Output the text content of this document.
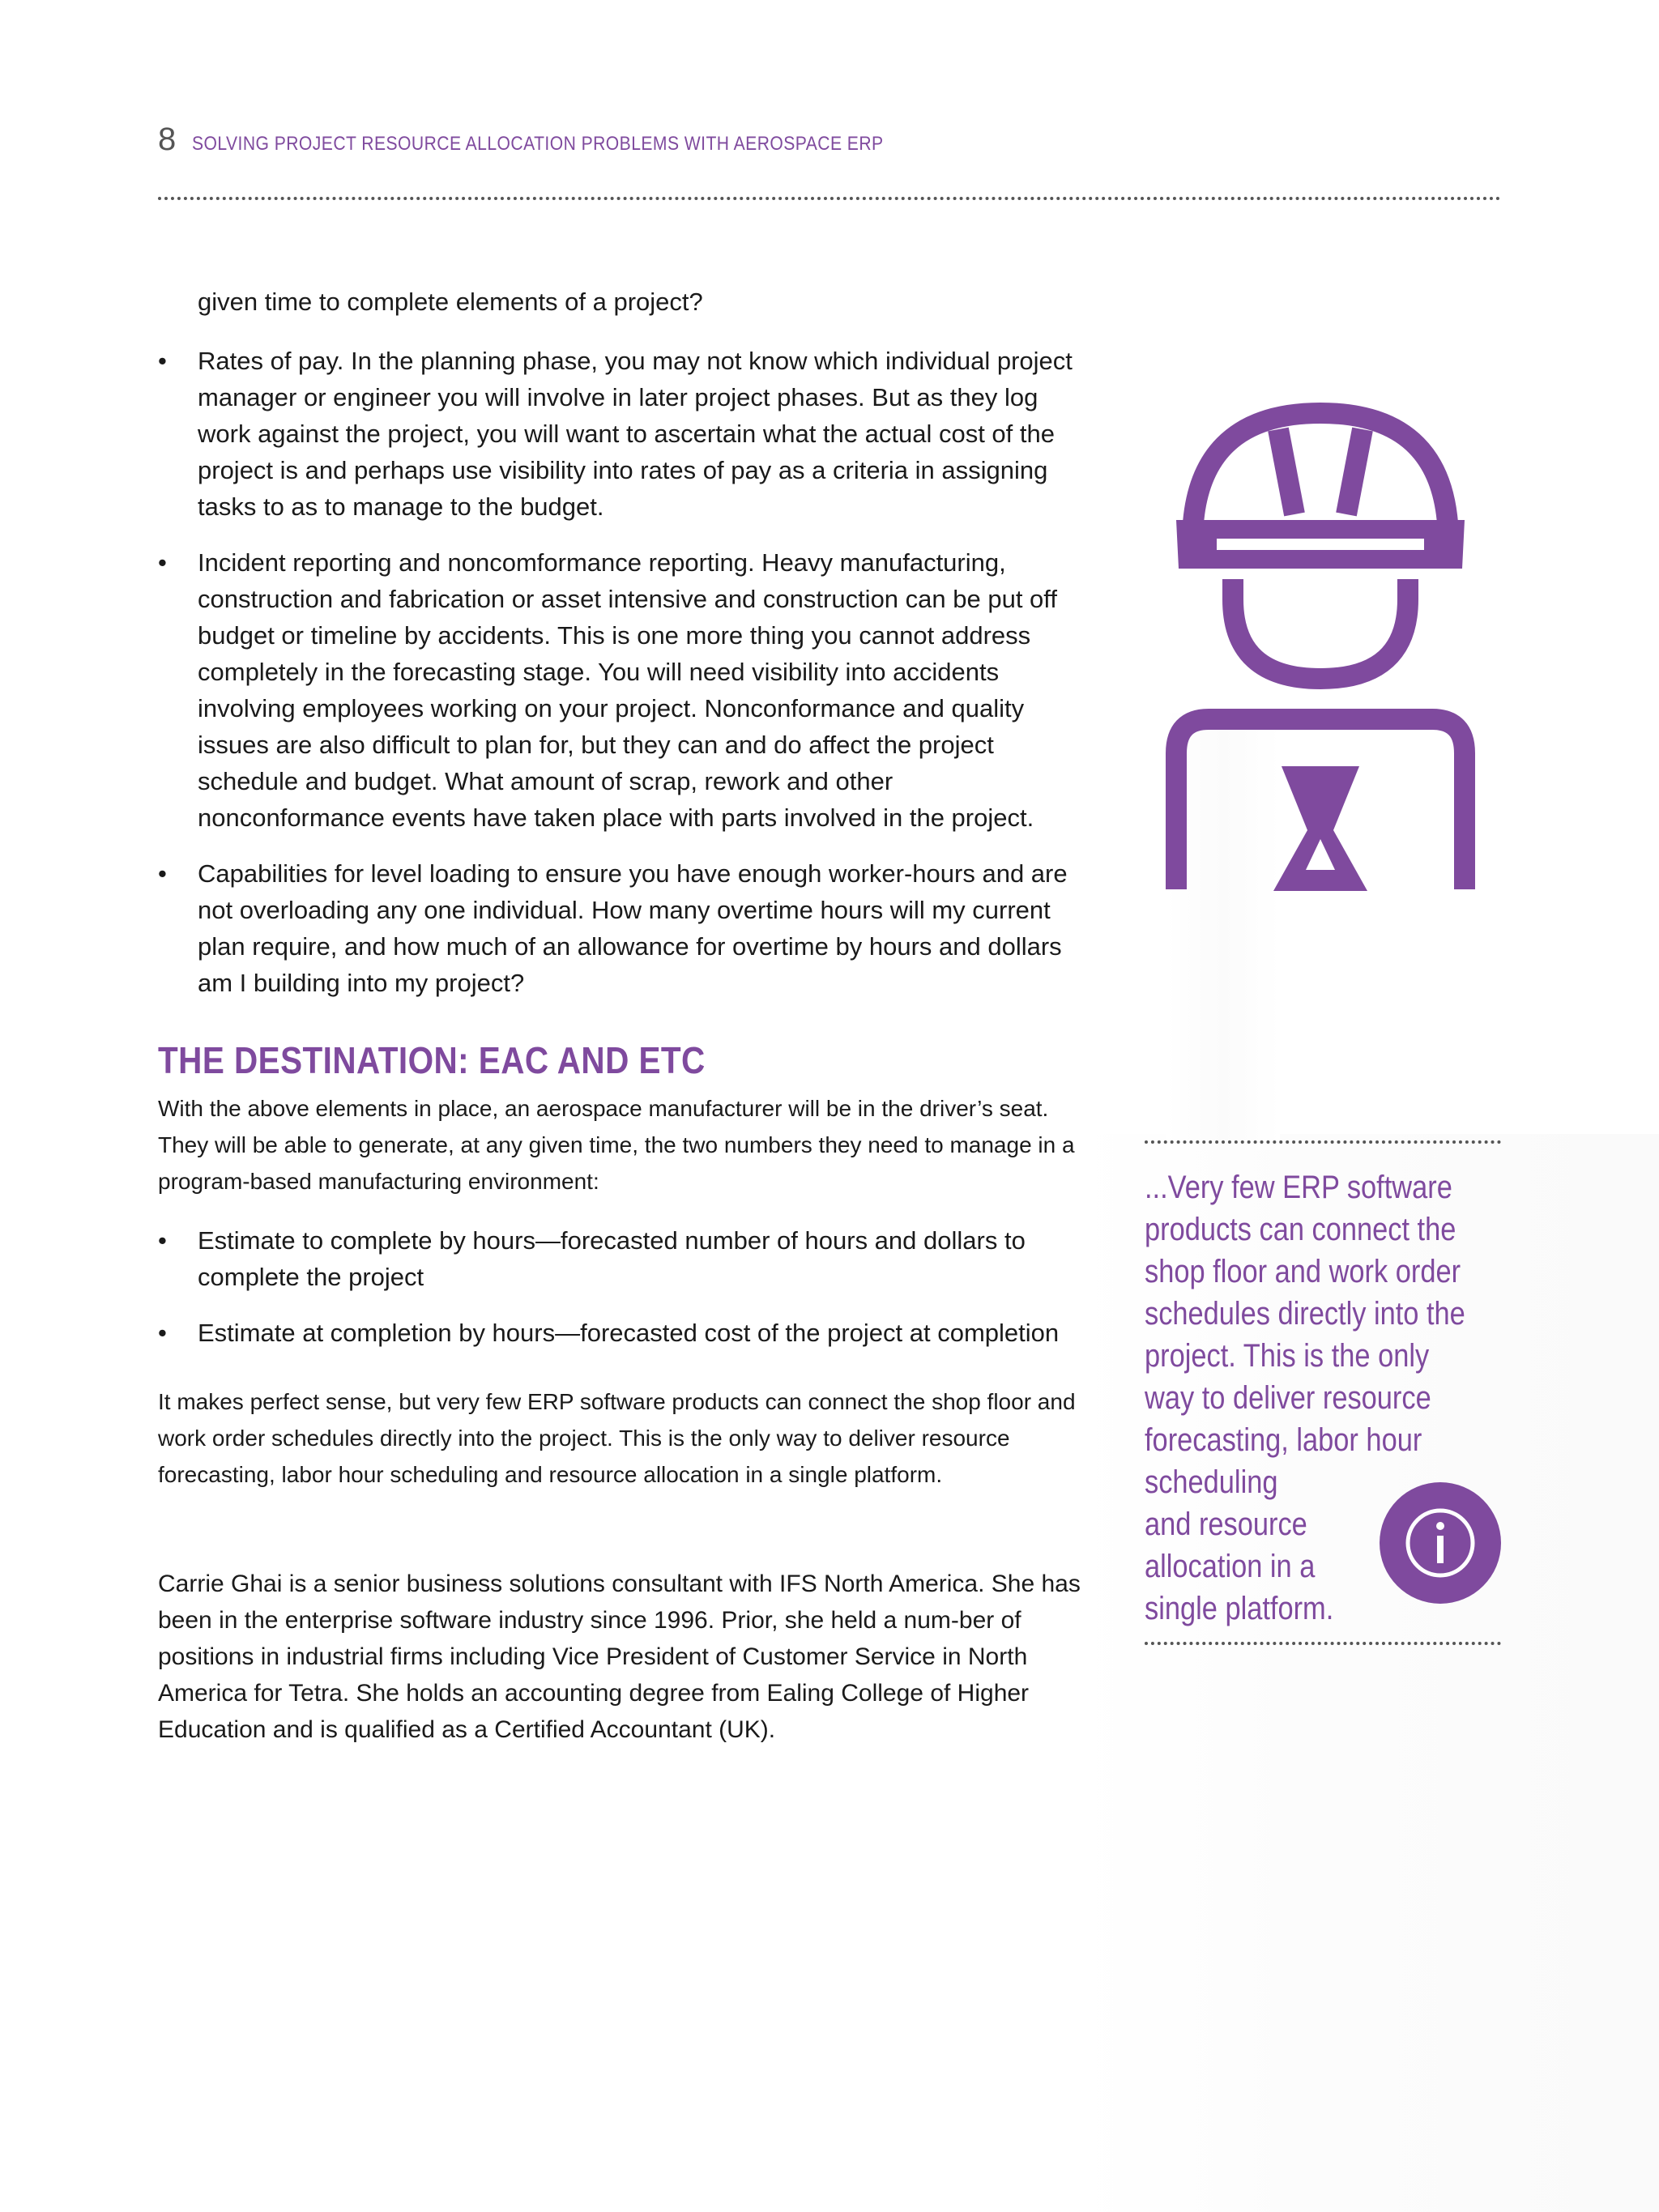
8 SOLVING PROJECT RESOURCE ALLOCATION PROBLEMS WITH AEROSPACE ERP

given time to complete elements of a project?

• Rates of pay. In the planning phase, you may not know which individual project manager or engineer you will involve in later project phases. But as they log work against the project, you will want to ascertain what the actual cost of the project is and perhaps use visibility into rates of pay as a criteria in assigning tasks to as to manage to the budget.
• Incident reporting and noncomformance reporting. Heavy manufacturing, construction and fabrication or asset intensive and construction can be put off budget or timeline by accidents. This is one more thing you cannot address completely in the forecasting stage. You will need visibility into accidents involving employees working on your project. Nonconformance and quality issues are also difficult to plan for, but they can and do affect the project schedule and budget. What amount of scrap, rework and other nonconformance events have taken place with parts involved in the project.
• Capabilities for level loading to ensure you have enough worker-hours and are not overloading any one individual. How many overtime hours will my current plan require, and how much of an allowance for overtime by hours and dollars am I building into my project?
THE DESTINATION: EAC AND ETC

With the above elements in place, an aerospace manufacturer will be in the driver’s seat. They will be able to generate, at any given time, the two numbers they need to manage in a program-based manufacturing environment:

• Estimate to complete by hours—forecasted number of hours and dollars to complete the project
• Estimate at completion by hours—forecasted cost of the project at completion

It makes perfect sense, but very few ERP software products can connect the shop floor and work order schedules directly into the project. This is the only way to deliver resource forecasting, labor hour scheduling and resource allocation in a single platform.

Carrie Ghai is a senior business solutions consultant with IFS North America. She has been in the enterprise software industry since 1996. Prior, she held a num-ber of positions in industrial firms including Vice President of Customer Service in North America for Tetra. She holds an accounting degree from Ealing College of Higher Education and is qualified as a Certified Accountant (UK).

...Very few ERP software
products can connect the
shop floor and work order
schedules directly into the
project. This is the only
way to deliver resource
forecasting, labor hour
scheduling
and resource
allocation in a
single platform.
